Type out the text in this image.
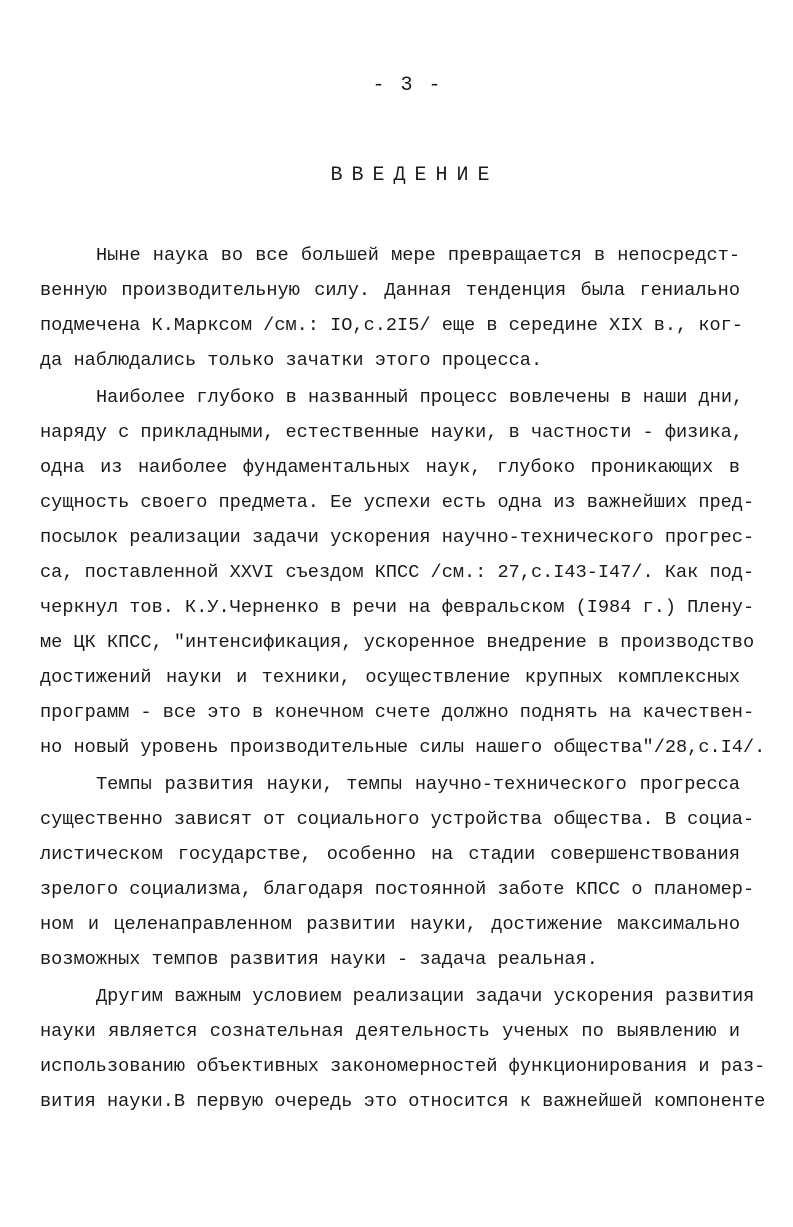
- 3 -
ВВЕДЕНИЕ
Ныне наука во все большей мере превращается в непосредст-
венную производительную силу. Данная тенденция была гениально
подмечена К.Марксом /см.: IО,с.2I5/ еще в середине XIX в., ког-
да наблюдались только зачатки этого процесса.
Наиболее глубоко в названный процесс вовлечены в наши дни,
наряду с прикладными, естественные науки, в частности - физика,
одна из наиболее фундаментальных наук, глубоко проникающих в
сущность своего предмета. Ее успехи есть одна из важнейших пред-
посылок реализации задачи ускорения научно-технического прогрес-
са, поставленной XXVI съездом КПСС /см.: 27,с.I43-I47/. Как под-
черкнул тов. К.У.Черненко в речи на февральском (I984 г.) Плену-
ме ЦК КПСС, "интенсификация, ускоренное внедрение в производство
достижений науки и техники, осуществление крупных комплексных
программ - все это в конечном счете должно поднять на качествен-
но новый уровень производительные силы нашего общества"/28,с.I4/.
Темпы развития науки, темпы научно-технического прогресса
существенно зависят от социального устройства общества. В социа-
листическом государстве, особенно на стадии совершенствования
зрелого социализма, благодаря постоянной заботе КПСС о планомер-
ном и целенаправленном развитии науки, достижение максимально
возможных темпов развития науки - задача реальная.
Другим важным условием реализации задачи ускорения развития
науки является сознательная деятельность ученых по выявлению и
использованию объективных закономерностей функционирования и раз-
вития науки.В первую очередь это относится к важнейшей компоненте
